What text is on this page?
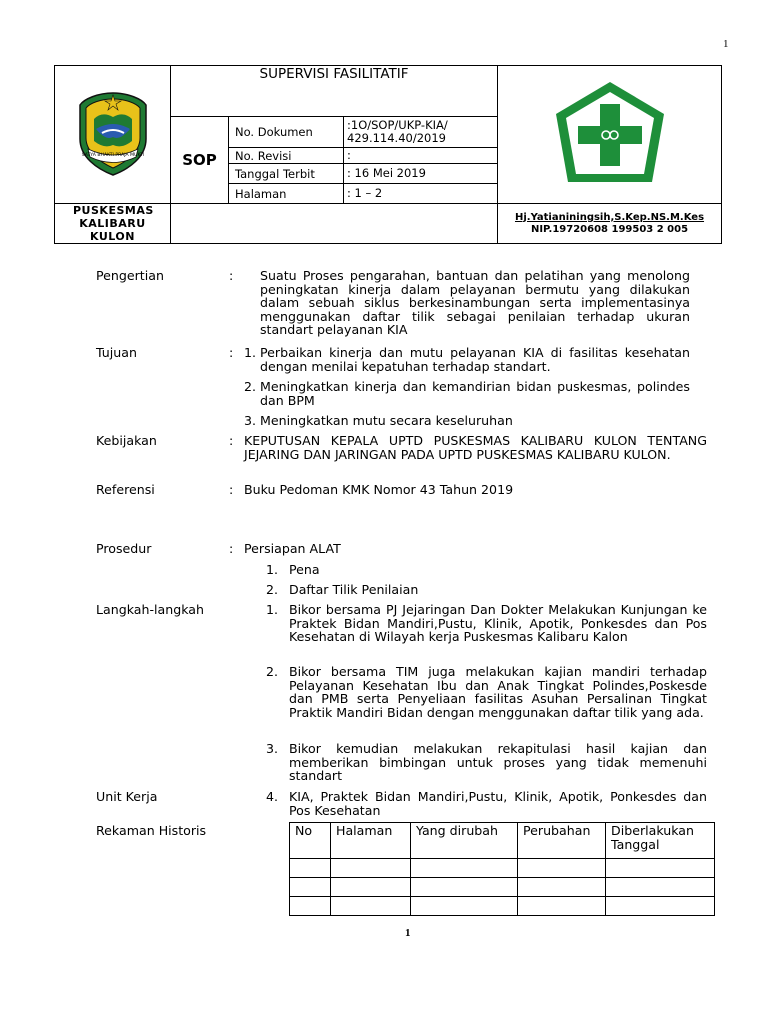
1
SATYA BHAKTI PRAJA MUKTI	SUPERVISI FASILITATIF	
	SOP	No. Dokumen	:1O/SOP/UKP-KIA/ 429.114.40/2019	
		No. Revisi	:	
		Tanggal Terbit	: 16 Mei 2019	
		Halaman	: 1 – 2	
PUSKESMAS KALIBARU KULON				Hj.Yatianiningsih,S.Kep.NS.M.Kes
NIP.19720608 199503 2 005
Pengertian	: Suatu Proses pengarahan, bantuan dan pelatihan yang menolong peningkatan kinerja dalam pelayanan bermutu yang dilakukan dalam sebuah siklus berkesinambungan serta implementasinya menggunakan daftar tilik sebagai penilaian terhadap ukuran standart pelayanan KIA
Tujuan	: 1. Perbaikan kinerja dan mutu pelayanan KIA di fasilitas kesehatan dengan menilai kepatuhan terhadap standart.
2. Meningkatkan kinerja dan kemandirian bidan puskesmas, polindes dan BPM
3. Meningkatkan mutu secara keseluruhan
Kebijakan	: KEPUTUSAN KEPALA UPTD PUSKESMAS KALIBARU KULON TENTANG JEJARING DAN JARINGAN PADA UPTD PUSKESMAS KALIBARU KULON.
Referensi	: Buku Pedoman KMK Nomor 43 Tahun 2019
Prosedur	: Persiapan ALAT
1. Pena
2. Daftar Tilik Penilaian
Langkah-langkah	1. Bikor bersama PJ Jejaringan Dan Dokter Melakukan Kunjungan ke Praktek Bidan Mandiri,Pustu, Klinik, Apotik, Ponkesdes dan Pos Kesehatan di Wilayah kerja Puskesmas Kalibaru Kalon
2. Bikor bersama TIM juga melakukan kajian mandiri terhadap Pelayanan Kesehatan Ibu dan Anak Tingkat Polindes,Poskesde dan PMB serta Penyeliaan fasilitas Asuhan Persalinan Tingkat Praktik Mandiri Bidan dengan menggunakan daftar tilik yang ada.
3. Bikor kemudian melakukan rekapitulasi hasil kajian dan memberikan bimbingan untuk proses yang tidak memenuhi standart
Unit Kerja	4. KIA, Praktek Bidan Mandiri,Pustu, Klinik, Apotik, Ponkesdes dan Pos Kesehatan
Rekaman Historis	No	Halaman	Yang dirubah	Perubahan	Diberlakukan Tanggal

1
